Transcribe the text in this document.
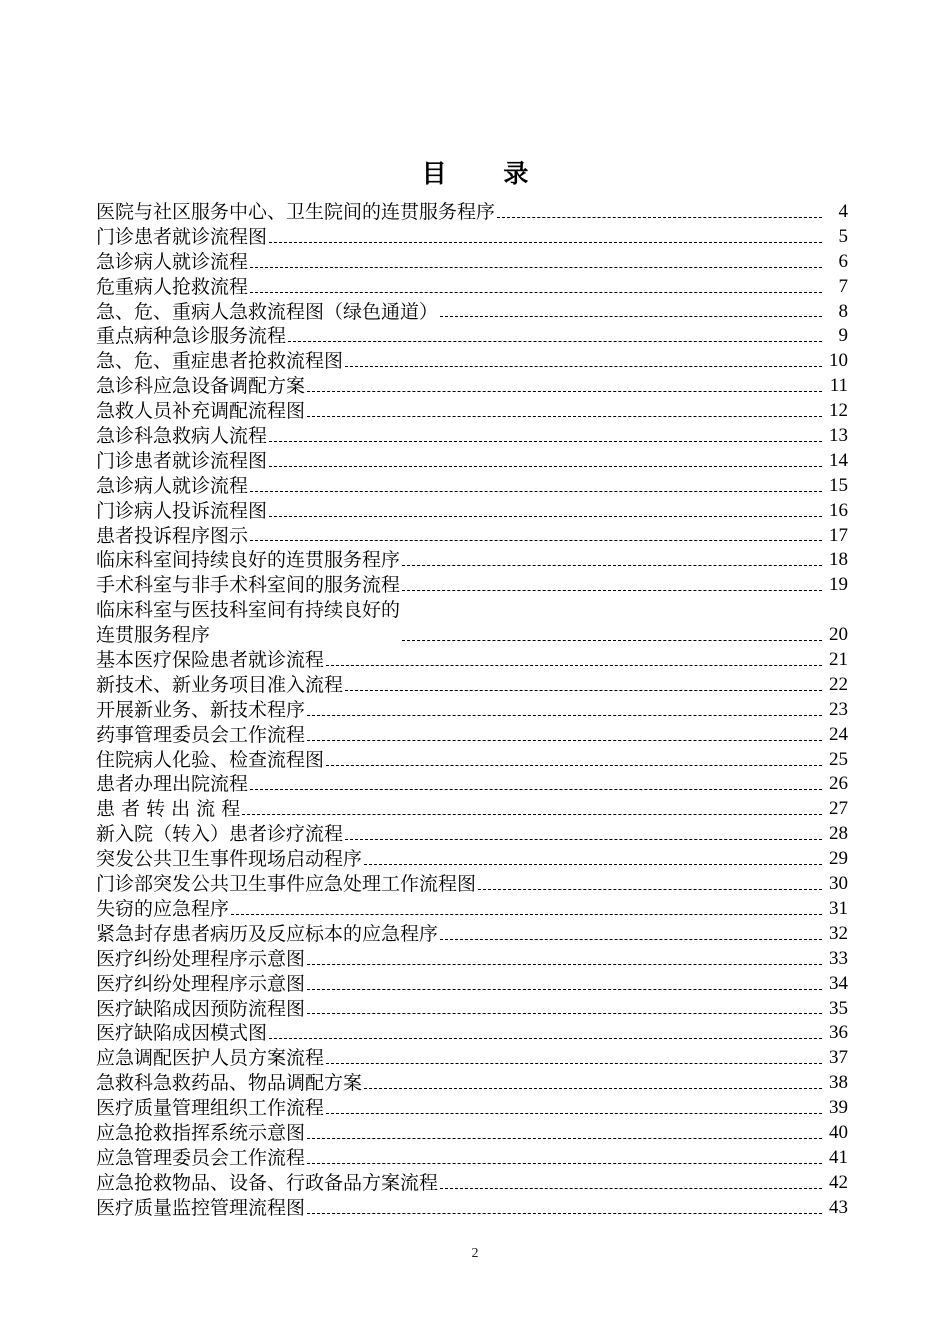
目 录
医院与社区服务中心、卫生院间的连贯服务程序	4
门诊患者就诊流程图	5
急诊病人就诊流程	6
危重病人抢救流程	7
急、危、重病人急救流程图（绿色通道）	8
重点病种急诊服务流程	9
急、危、重症患者抢救流程图	10
急诊科应急设备调配方案	11
急救人员补充调配流程图	12
急诊科急救病人流程	13
门诊患者就诊流程图	14
急诊病人就诊流程	15
门诊病人投诉流程图	16
患者投诉程序图示	17
临床科室间持续良好的连贯服务程序	18
手术科室与非手术科室间的服务流程	19
临床科室与医技科室间有持续良好的
连贯服务程序	20
基本医疗保险患者就诊流程	21
新技术、新业务项目准入流程	22
开展新业务、新技术程序	23
药事管理委员会工作流程	24
住院病人化验、检查流程图	25
患者办理出院流程	26
患 者 转 出 流 程	27
新入院（转入）患者诊疗流程	28
突发公共卫生事件现场启动程序	29
门诊部突发公共卫生事件应急处理工作流程图	30
失窃的应急程序	31
紧急封存患者病历及反应标本的应急程序	32
医疗纠纷处理程序示意图	33
医疗纠纷处理程序示意图	34
医疗缺陷成因预防流程图	35
医疗缺陷成因模式图	36
应急调配医护人员方案流程	37
急救科急救药品、物品调配方案	38
医疗质量管理组织工作流程	39
应急抢救指挥系统示意图	40
应急管理委员会工作流程	41
应急抢救物品、设备、行政备品方案流程	42
医疗质量监控管理流程图	43
2
